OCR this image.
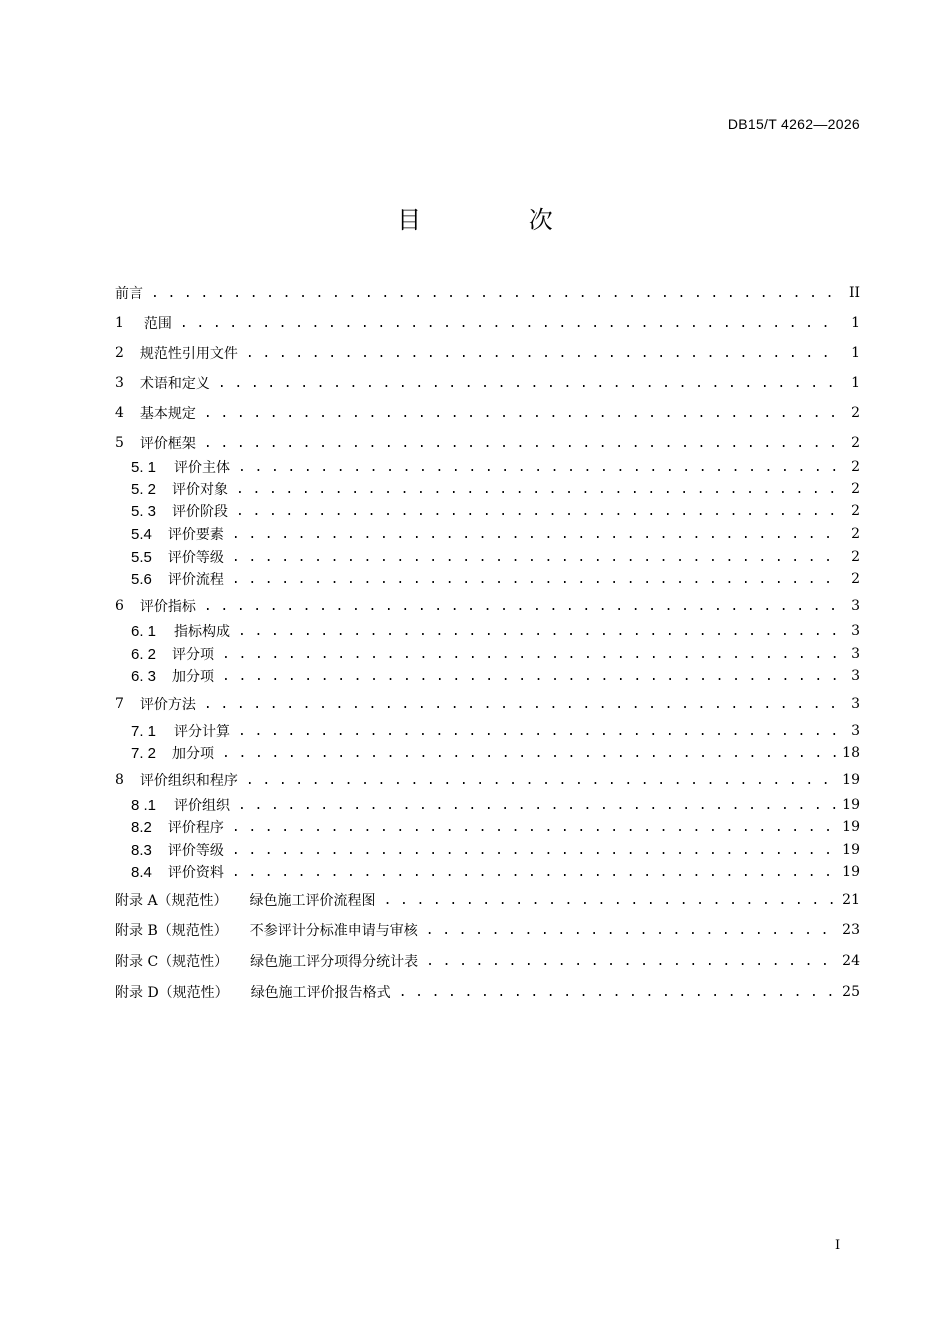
DB15/T 4262—2026
目 次
前言 . . .	II
1 范围 . . .	1
2 规范性引用文件 . . .	1
3 术语和定义 . . .	1
4 基本规定 . . .	2
5 评价框架 . . .	2
5. 1 评价主体 . . .	2
5. 2 评价对象 . . .	2
5. 3 评价阶段 . . .	2
5.4 评价要素 . . .	2
5.5 评价等级 . . .	2
5.6 评价流程 . . .	2
6 评价指标 . . .	3
6. 1 指标构成 . . .	3
6. 2 评分项 . . .	3
6. 3 加分项 . . .	3
7 评价方法 . . .	3
7. 1 评分计算 . . .	3
7. 2 加分项 . . .	18
8 评价组织和程序 . . .	19
8 .1 评价组织 . . .	19
8.2 评价程序 . . .	19
8.3 评价等级 . . .	19
8.4 评价资料 . . .	19
附录 A（规范性） 绿色施工评价流程图 . . .	21
附录 B（规范性） 不参评计分标准申请与审核 . . .	23
附录 C（规范性） 绿色施工评分项得分统计表 . . .	24
附录 D（规范性） 绿色施工评价报告格式 . . .	25
I
